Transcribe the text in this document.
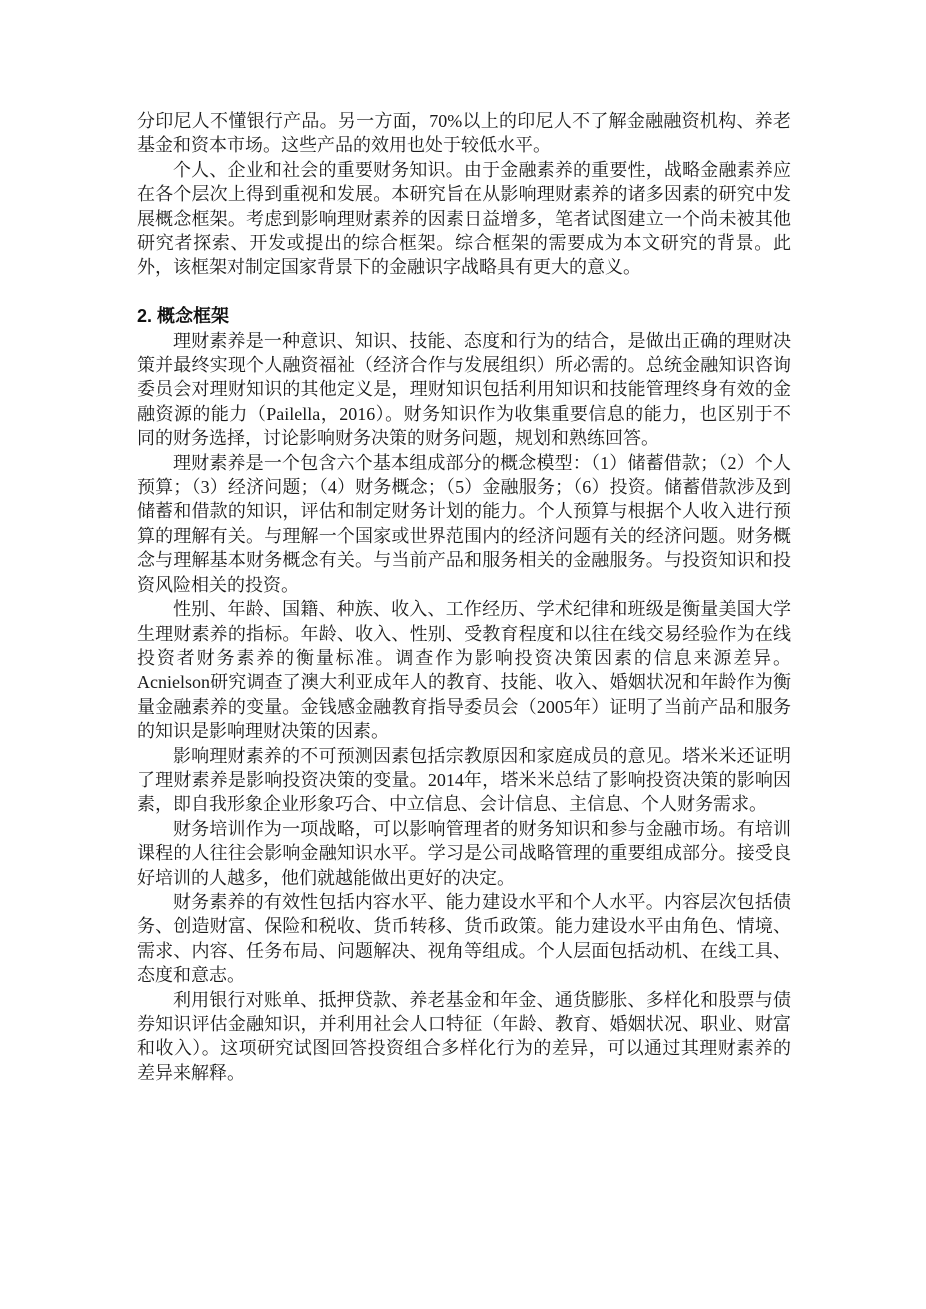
分印尼人不懂银行产品。另一方面，70%以上的印尼人不了解金融融资机构、养老基金和资本市场。这些产品的效用也处于较低水平。

个人、企业和社会的重要财务知识。由于金融素养的重要性，战略金融素养应在各个层次上得到重视和发展。本研究旨在从影响理财素养的诸多因素的研究中发展概念框架。考虑到影响理财素养的因素日益增多，笔者试图建立一个尚未被其他研究者探索、开发或提出的综合框架。综合框架的需要成为本文研究的背景。此外，该框架对制定国家背景下的金融识字战略具有更大的意义。

2. 概念框架

理财素养是一种意识、知识、技能、态度和行为的结合，是做出正确的理财决策并最终实现个人融资福祉（经济合作与发展组织）所必需的。总统金融知识咨询委员会对理财知识的其他定义是，理财知识包括利用知识和技能管理终身有效的金融资源的能力（Pailella，2016）。财务知识作为收集重要信息的能力，也区别于不同的财务选择，讨论影响财务决策的财务问题，规划和熟练回答。

理财素养是一个包含六个基本组成部分的概念模型：（1）储蓄借款；（2）个人预算；（3）经济问题；（4）财务概念；（5）金融服务；（6）投资。储蓄借款涉及到储蓄和借款的知识，评估和制定财务计划的能力。个人预算与根据个人收入进行预算的理解有关。与理解一个国家或世界范围内的经济问题有关的经济问题。财务概念与理解基本财务概念有关。与当前产品和服务相关的金融服务。与投资知识和投资风险相关的投资。

性别、年龄、国籍、种族、收入、工作经历、学术纪律和班级是衡量美国大学生理财素养的指标。年龄、收入、性别、受教育程度和以往在线交易经验作为在线投资者财务素养的衡量标准。调查作为影响投资决策因素的信息来源差异。Acnielson研究调查了澳大利亚成年人的教育、技能、收入、婚姻状况和年龄作为衡量金融素养的变量。金钱感金融教育指导委员会（2005年）证明了当前产品和服务的知识是影响理财决策的因素。

影响理财素养的不可预测因素包括宗教原因和家庭成员的意见。塔米米还证明了理财素养是影响投资决策的变量。2014年，塔米米总结了影响投资决策的影响因素，即自我形象企业形象巧合、中立信息、会计信息、主信息、个人财务需求。

财务培训作为一项战略，可以影响管理者的财务知识和参与金融市场。有培训课程的人往往会影响金融知识水平。学习是公司战略管理的重要组成部分。接受良好培训的人越多，他们就越能做出更好的决定。

财务素养的有效性包括内容水平、能力建设水平和个人水平。内容层次包括债务、创造财富、保险和税收、货币转移、货币政策。能力建设水平由角色、情境、需求、内容、任务布局、问题解决、视角等组成。个人层面包括动机、在线工具、态度和意志。

利用银行对账单、抵押贷款、养老基金和年金、通货膨胀、多样化和股票与债券知识评估金融知识，并利用社会人口特征（年龄、教育、婚姻状况、职业、财富和收入）。这项研究试图回答投资组合多样化行为的差异，可以通过其理财素养的差异来解释。
